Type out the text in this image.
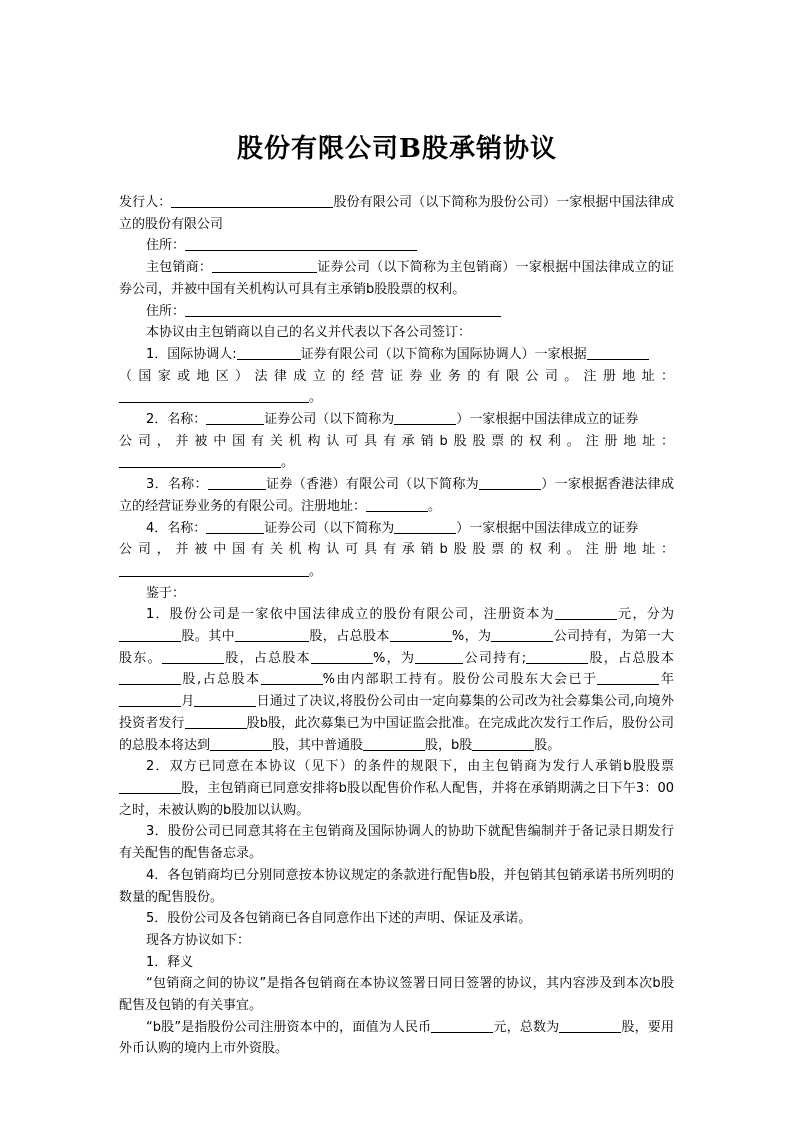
股份有限公司B股承销协议

发行人：	股份有限公司（以下简称为股份公司）一家根据中国法律成立的股份有限公司

住所：

主包销商：	证券公司（以下简称为主包销商）一家根据中国法律成立的证券公司，并被中国有关机构认可具有主承销b股股票的权利。

住所：

本协议由主包销商以自己的名义并代表以下各公司签订：

1．国际协调人:	证券有限公司（以下简称为国际协调人）一家根据

（国家或地区）法律成立的经营证券业务的有限公司。注册地址：

。

2．名称：	证券公司（以下简称为	）一家根据中国法律成立的证券

公司，并被中国有关机构认可具有承销b股股票的权利。注册地址：

。

3．名称：	证券（香港）有限公司（以下简称为	）一家根据香港法律成立的经营证券业务的有限公司。注册地址：	。

4．名称：	证券公司（以下简称为	）一家根据中国法律成立的证券

公司，并被中国有关机构认可具有承销b股股票的权利。注册地址：

。

鉴于：

1．股份公司是一家依中国法律成立的股份有限公司，注册资本为	元，分为股。其中	股，占总股本	%，为	公司持有，为第一大股东。	股，占总股本	%，为	公司持有;	股，占总股本股,占总股本	%由内部职工持有。股份公司股东大会已于	年月	日通过了决议,将股份公司由一定向募集的公司改为社会募集公司,向境外投资者发行	股b股，此次募集已为中国证监会批准。在完成此次发行工作后，股份公司的总股本将达到	股，其中普通股	股，b股	股。

2．双方已同意在本协议（见下）的条件的规限下，由主包销商为发行人承销b股股票股，主包销商已同意安排将b股以配售价作私人配售，并将在承销期满之日下午3：00之时，未被认购的b股加以认购。

3．股份公司已同意其将在主包销商及国际协调人的协助下就配售编制并于备记录日期发行有关配售的配售备忘录。

4．各包销商均已分别同意按本协议规定的条款进行配售b股，并包销其包销承诺书所列明的数量的配售股份。

5．股份公司及各包销商已各自同意作出下述的声明、保证及承诺。

现各方协议如下：

1．释义

“包销商之间的协议”是指各包销商在本协议签署日同日签署的协议，其内容涉及到本次b股配售及包销的有关事宜。

“b股”是指股份公司注册资本中的，面值为人民币	元，总数为	股，要用外币认购的境内上市外资股。
